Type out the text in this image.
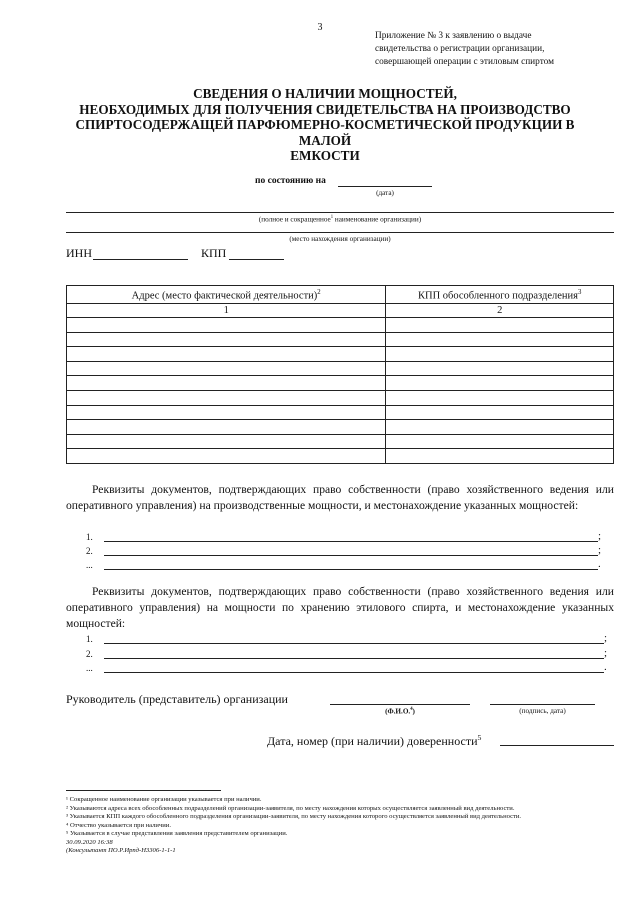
3
Приложение № 3 к заявлению о выдаче
свидетельства о регистрации организации,
совершающей операции с этиловым спиртом
СВЕДЕНИЯ О НАЛИЧИИ МОЩНОСТЕЙ,
НЕОБХОДИМЫХ ДЛЯ ПОЛУЧЕНИЯ СВИДЕТЕЛЬСТВА НА ПРОИЗВОДСТВО
СПИРТОСОДЕРЖАЩЕЙ ПАРФЮМЕРНО-КОСМЕТИЧЕСКОЙ ПРОДУКЦИИ В МАЛОЙ
ЕМКОСТИ
по состоянию на
(дата)
(полное и сокращенное$^1$ наименование организации)
(место нахождения организации)
ИНН	КПП
Адрес (место фактической деятельности)$^2$	КПП обособленного подразделения$^3$
1	2

Реквизиты документов, подтверждающих право собственности (право хозяйственного ведения или оперативного управления) на производственные мощности, и местонахождение указанных мощностей:
1.	;
2.	;
...	.
Реквизиты документов, подтверждающих право собственности (право хозяйственного ведения или оперативного управления) на мощности по хранению этилового спирта, и местонахождение указанных мощностей:
1.	;
2.	;
...	.
Руководитель (представитель) организации
(Ф.И.О.$^4$)	(подпись, дата)
Дата, номер (при наличии) доверенности$^5$
¹ Сокращенное наименование организации указывается при наличии.
² Указываются адреса всех обособленных подразделений организации-заявителя, по месту нахождения которых осуществляется заявленный вид деятельности.
³ Указывается КПП каждого обособленного подразделения организации-заявителя, по месту нахождения которого осуществляется заявленный вид деятельности.
⁴ Отчество указывается при наличии.
⁵ Указывается в случае представления заявления представителем организации.
30.09.2020 16:38
(Консультант ПО.Р.Ирпд-Н3306-1-1-1
